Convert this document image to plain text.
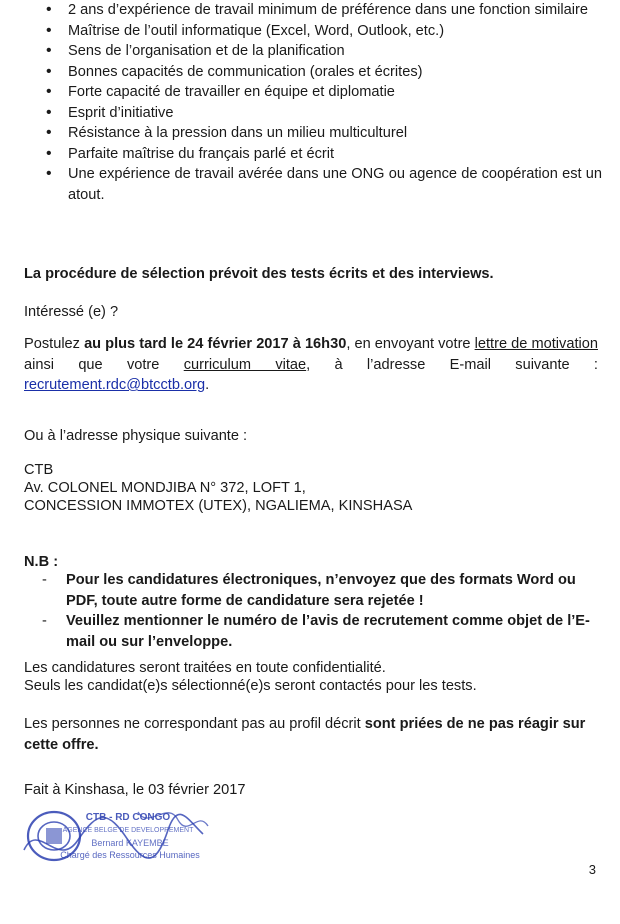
• 2 ans d’expérience de travail minimum de préférence dans une fonction similaire
• Maîtrise de l’outil informatique (Excel, Word, Outlook, etc.)
• Sens de l’organisation et de la planification
• Bonnes capacités de communication (orales et écrites)
• Forte capacité de travailler en équipe et diplomatie
• Esprit d’initiative
• Résistance à la pression dans un milieu multiculturel
• Parfaite maîtrise du français parlé et écrit
• Une expérience de travail avérée dans une ONG ou agence de coopération est un atout.
La procédure de sélection prévoit des tests écrits et des interviews.
Intéressé (e) ?
Postulez au plus tard le 24 février 2017 à 16h30, en envoyant votre lettre de motivation ainsi que votre curriculum vitae, à l’adresse E-mail suivante : recrutement.rdc@btcctb.org.
Ou à l’adresse physique suivante :
CTB
Av. COLONEL MONDJIBA N° 372, LOFT 1,
CONCESSION IMMOTEX (UTEX), NGALIEMA, KINSHASA
N.B :
- Pour les candidatures électroniques, n’envoyez que des formats Word ou PDF, toute autre forme de candidature sera rejetée !
- Veuillez mentionner le numéro de l’avis de recrutement comme objet de l’E-mail ou sur l’enveloppe.
Les candidatures seront traitées en toute confidentialité.
Seuls les candidat(e)s sélectionné(e)s seront contactés pour les tests.
Les personnes ne correspondant pas au profil décrit sont priées de ne pas réagir sur cette offre.
Fait à Kinshasa, le 03 février 2017
CTB - RD CONGO
AGENCE BELGE DE DEVELOPPEMENT
Bernard KAYEMBE
Chargé des Ressources Humaines
3
